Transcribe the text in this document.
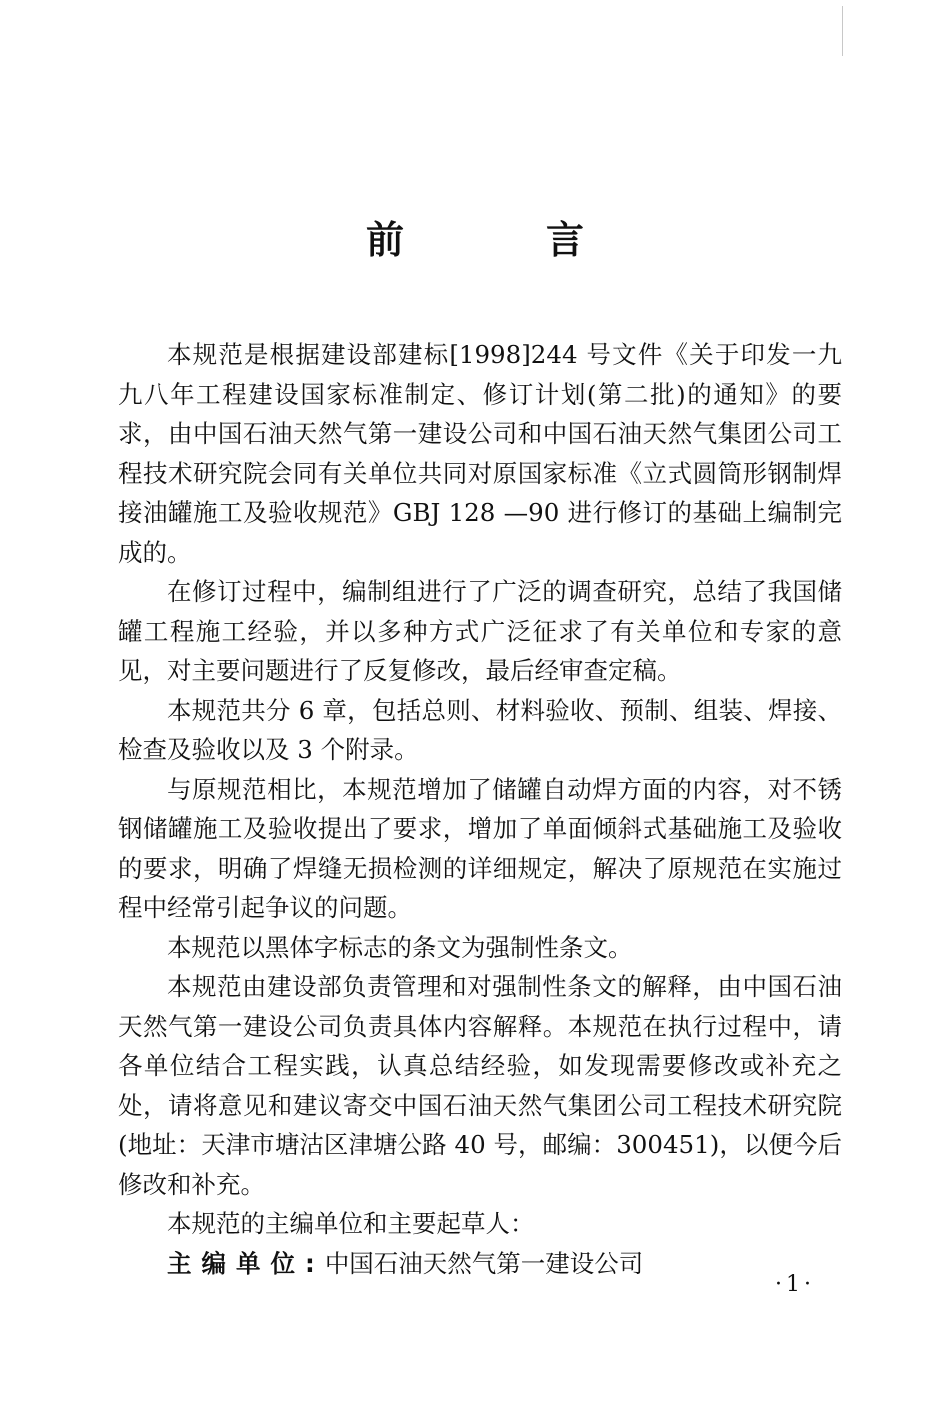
前　言

本规范是根据建设部建标[1998]244 号文件《关于印发一九九八年工程建设国家标准制定、修订计划(第二批)的通知》的要求，由中国石油天然气第一建设公司和中国石油天然气集团公司工程技术研究院会同有关单位共同对原国家标准《立式圆筒形钢制焊接油罐施工及验收规范》GBJ 128 —90 进行修订的基础上编制完成的。

在修订过程中，编制组进行了广泛的调查研究，总结了我国储罐工程施工经验，并以多种方式广泛征求了有关单位和专家的意见，对主要问题进行了反复修改，最后经审查定稿。

本规范共分 6 章，包括总则、材料验收、预制、组装、焊接、检查及验收以及 3 个附录。

与原规范相比，本规范增加了储罐自动焊方面的内容，对不锈钢储罐施工及验收提出了要求，增加了单面倾斜式基础施工及验收的要求，明确了焊缝无损检测的详细规定，解决了原规范在实施过程中经常引起争议的问题。

本规范以黑体字标志的条文为强制性条文。

本规范由建设部负责管理和对强制性条文的解释，由中国石油天然气第一建设公司负责具体内容解释。本规范在执行过程中，请各单位结合工程实践，认真总结经验，如发现需要修改或补充之处，请将意见和建议寄交中国石油天然气集团公司工程技术研究院(地址：天津市塘沽区津塘公路 40 号，邮编：300451)，以便今后修改和补充。

本规范的主编单位和主要起草人：

主编单位:中国石油天然气第一建设公司
·1·
